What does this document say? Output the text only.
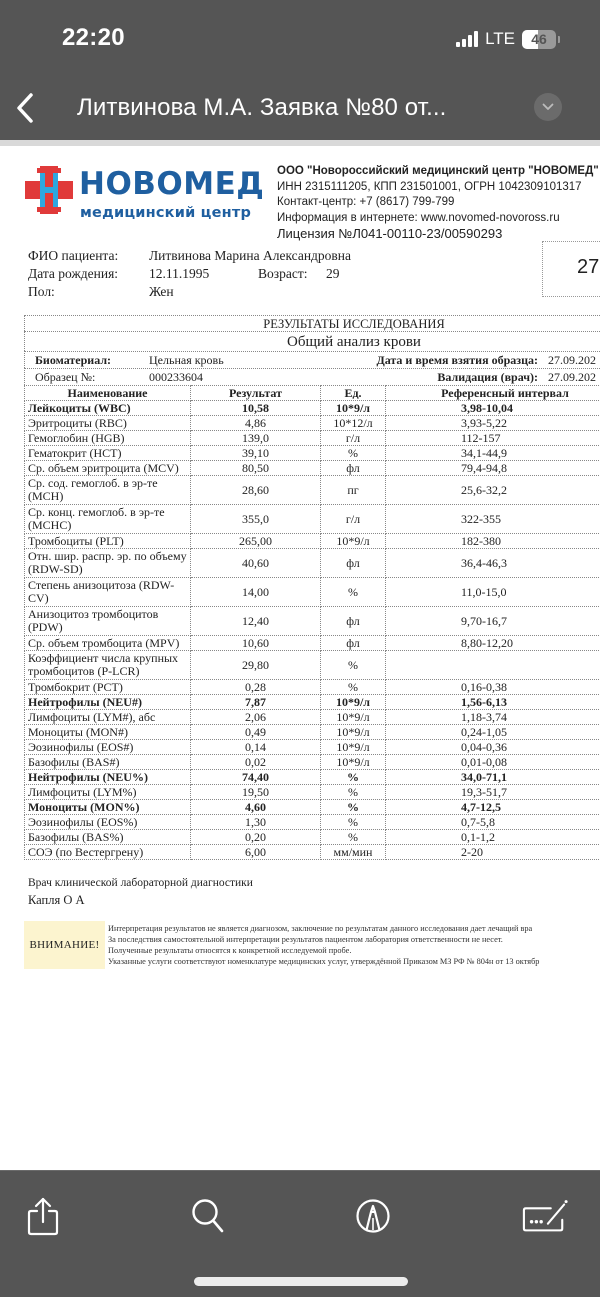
22:20	LTE 46
Литвинова М.А. Заявка №80 от...
НОВОМЕД
медицинский центр
ООО "Новороссийский медицинский центр "НОВОМЕД"
ИНН 2315111205, КПП 231501001, ОГРН 1042309101317
Контакт-центр: +7 (8617) 799-799
Информация в интернете: www.novomed-novoross.ru
Лицензия №Л041-00110-23/00590293
ФИО пациента: Литвинова Марина Александровна
Дата рождения: 12.11.1995	Возраст: 29
Пол:	Жен
27
РЕЗУЛЬТАТЫ ИССЛЕДОВАНИЯ
Общий анализ крови
Биоматериал:	Цельная кровь	Дата и время взятия образца: 27.09.202
Образец №:	000233604	Валидация (врач): 27.09.202
Наименование	Результат	Ед.	Референсный интервал
Лейкоциты (WBC)	10,58	10*9/л	3,98-10,04
Эритроциты (RBC)	4,86	10*12/л	3,93-5,22
Гемоглобин (HGB)	139,0	г/л	112-157
Гематокрит (HCT)	39,10	%	34,1-44,9
Ср. объем эритроцита (MCV)	80,50	фл	79,4-94,8
Ср. сод. гемоглоб. в эр-те (MCH)	28,60	пг	25,6-32,2
Ср. конц. гемоглоб. в эр-те (MCHC)	355,0	г/л	322-355
Тромбоциты (PLT)	265,00	10*9/л	182-380
Отн. шир. распр. эр. по объему (RDW-SD)	40,60	фл	36,4-46,3
Степень анизоцитоза (RDW-CV)	14,00	%	11,0-15,0
Анизоцитоз тромбоцитов (PDW)	12,40	фл	9,70-16,7
Ср. объем тромбоцита (MPV)	10,60	фл	8,80-12,20
Коэффициент числа крупных тромбоцитов (P-LCR)	29,80	%	
Тромбокрит (PCT)	0,28	%	0,16-0,38
Нейтрофилы (NEU#)	7,87	10*9/л	1,56-6,13
Лимфоциты (LYM#), абс	2,06	10*9/л	1,18-3,74
Моноциты (MON#)	0,49	10*9/л	0,24-1,05
Эозинофилы (EOS#)	0,14	10*9/л	0,04-0,36
Базофилы (BAS#)	0,02	10*9/л	0,01-0,08
Нейтрофилы (NEU%)	74,40	%	34,0-71,1
Лимфоциты (LYM%)	19,50	%	19,3-51,7
Моноциты (MON%)	4,60	%	4,7-12,5
Эозинофилы (EOS%)	1,30	%	0,7-5,8
Базофилы (BAS%)	0,20	%	0,1-1,2
СОЭ (по Вестергрену)	6,00	мм/мин	2-20
Врач клинической лабораторной диагностики
Капля О А
ВНИМАНИЕ!
Интерпретация результатов не является диагнозом, заключение по результатам данного исследования дает лечащий вра
За последствия самостоятельной интерпретации результатов пациентом лаборатория ответственности не несет.
Полученные результаты относятся к конкретной исследуемой пробе.
Указанные услуги соответствуют номенклатуре медицинских услуг, утверждённой Приказом МЗ РФ № 804н от 13 октябр
